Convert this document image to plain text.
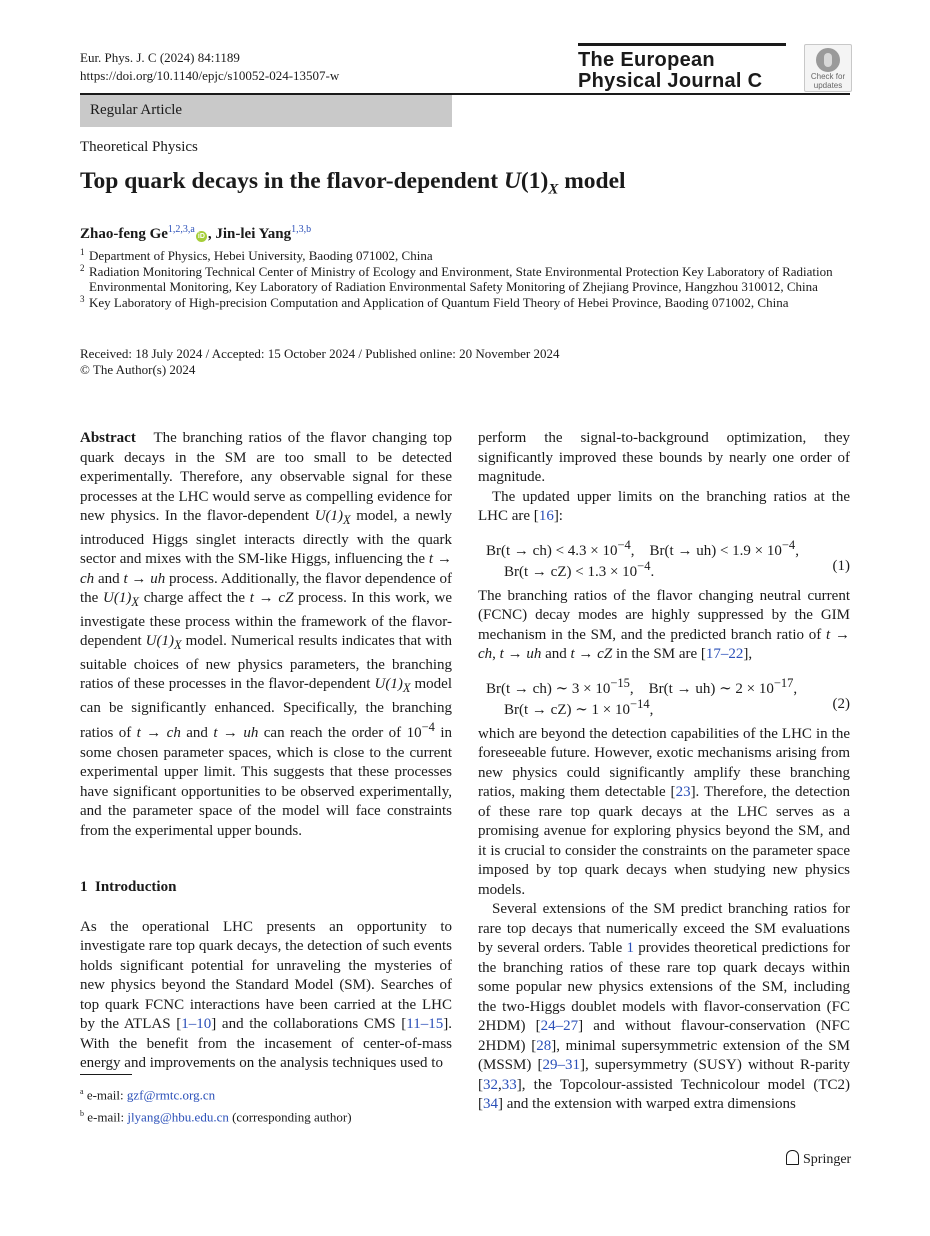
Eur. Phys. J. C (2024) 84:1189
https://doi.org/10.1140/epjc/s10052-024-13507-w
The European
Physical Journal C	Check for
updates
Regular Article
Theoretical Physics
Top quark decays in the flavor-dependent $U(1)_X$ model
Zhao-feng Ge$^{1,2,3,a}$iD , Jin-lei Yang$^{1,3,b}$
1 Department of Physics, Hebei University, Baoding 071002, China
2 Radiation Monitoring Technical Center of Ministry of Ecology and Environment, State Environmental Protection Key Laboratory of Radiation Environmental Monitoring, Key Laboratory of Radiation Environmental Safety Monitoring of Zhejiang Province, Hangzhou 310012, China
3 Key Laboratory of High-precision Computation and Application of Quantum Field Theory of Hebei Province, Baoding 071002, China
Received: 18 July 2024 / Accepted: 15 October 2024 / Published online: 20 November 2024
© The Author(s) 2024

Abstract The branching ratios of the flavor changing top quark decays in the SM are too small to be detected experimentally. Therefore, any observable signal for these processes at the LHC would serve as compelling evidence for new physics. In the flavor-dependent $U(1)_X$ model, a newly introduced Higgs singlet interacts directly with the quark sector and mixes with the SM-like Higgs, influencing the t → ch and t → uh process. Additionally, the flavor dependence of the $U(1)_X$ charge affect the t → cZ process. In this work, we investigate these process within the framework of the flavor-dependent $U(1)_X$ model. Numerical results indicates that with suitable choices of new physics parameters, the branching ratios of these processes in the flavor-dependent $U(1)_X$ model can be significantly enhanced. Specifically, the branching ratios of t → ch and t → uh can reach the order of $10^{-4}$ in some chosen parameter spaces, which is close to the current experimental upper limit. This suggests that these processes have significant opportunities to be observed experimentally, and the parameter space of the model will face constraints from the experimental upper bounds.

1 Introduction

As the operational LHC presents an opportunity to investigate rare top quark decays, the detection of such events holds significant potential for unraveling the mysteries of new physics beyond the Standard Model (SM). Searches of top quark FCNC interactions have been carried at the LHC by the ATLAS [1–10] and the collaborations CMS [11–15]. With the benefit from the incasement of center-of-mass energy and improvements on the analysis techniques used to

perform the signal-to-background optimization, they significantly improved these bounds by nearly one order of magnitude.

The updated upper limits on the branching ratios at the LHC are [16]:

$Br(t \to ch) < 4.3 \times 10^{-4}$,    $Br(t \to uh) < 1.9 \times 10^{-4}$,
$Br(t \to cZ) < 1.3 \times 10^{-4}$.	(1)

The branching ratios of the flavor changing neutral current (FCNC) decay modes are highly suppressed by the GIM mechanism in the SM, and the predicted branch ratio of t → ch, t → uh and t → cZ in the SM are [17–22],

Br(t → ch) ∼ $3 \times 10^{-15}$,    Br(t → uh) ∼ $2 \times 10^{-17}$,
Br(t → cZ) ∼ $1 \times 10^{-14}$,	(2)

which are beyond the detection capabilities of the LHC in the foreseeable future. However, exotic mechanisms arising from new physics could significantly amplify these branching ratios, making them detectable [23]. Therefore, the detection of these rare top quark decays at the LHC serves as a promising avenue for exploring physics beyond the SM, and it is crucial to consider the constraints on the parameter space imposed by top quark decays when studying new physics models.

Several extensions of the SM predict branching ratios for rare top decays that numerically exceed the SM evaluations by several orders. Table 1 provides theoretical predictions for the branching ratios of these rare top quark decays within some popular new physics extensions of the SM, including the two-Higgs doublet models with flavor-conservation (FC 2HDM) [24–27] and without flavour-conservation (NFC 2HDM) [28], minimal supersymmetric extension of the SM (MSSM) [29–31], supersymmetry (SUSY) without R-parity [32,33], the Topcolour-assisted Technicolour model (TC2) [34] and the extension with warped extra dimensions

$^a$ e-mail: gzf@rmtc.org.cn
$^b$ e-mail: jlyang@hbu.edu.cn (corresponding author)
Springer
